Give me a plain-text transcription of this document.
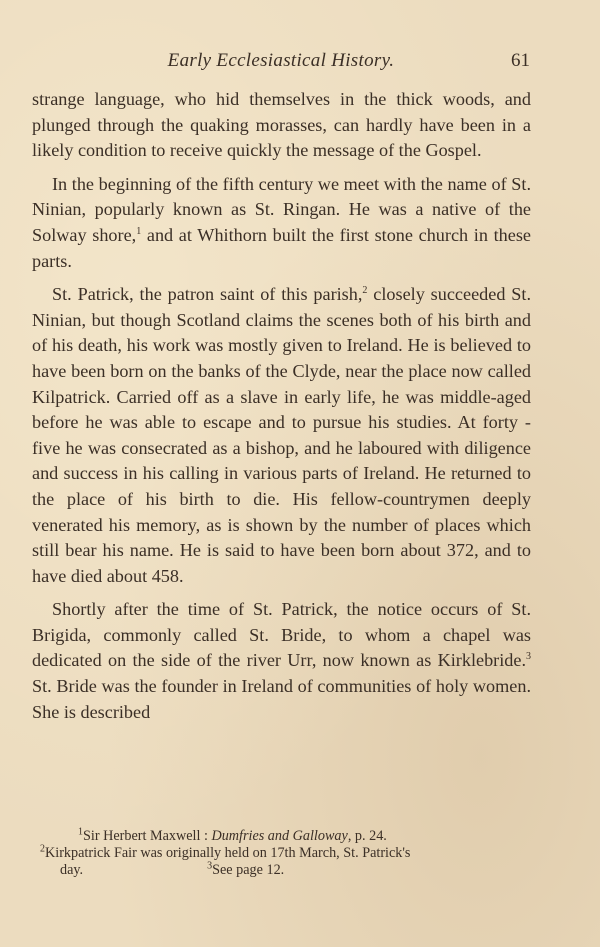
Early Ecclesiastical History.	61

strange language, who hid themselves in the thick woods, and plunged through the quaking morasses, can hardly have been in a likely condition to receive quickly the message of the Gospel.

In the beginning of the fifth century we meet with the name of St. Ninian, popularly known as St. Ringan. He was a native of the Solway shore,$^1$ and at Whithorn built the first stone church in these parts.

St. Patrick, the patron saint of this parish,$^2$ closely succeeded St. Ninian, but though Scotland claims the scenes both of his birth and of his death, his work was mostly given to Ireland. He is believed to have been born on the banks of the Clyde, near the place now called Kilpatrick. Carried off as a slave in early life, he was middle-aged before he was able to escape and to pursue his studies. At forty - five he was consecrated as a bishop, and he laboured with diligence and success in his calling in various parts of Ireland. He returned to the place of his birth to die. His fellow-countrymen deeply venerated his memory, as is shown by the number of places which still bear his name. He is said to have been born about 372, and to have died about 458.

Shortly after the time of St. Patrick, the notice occurs of St. Brigida, commonly called St. Bride, to whom a chapel was dedicated on the side of the river Urr, now known as Kirklebride.$^3$ St. Bride was the founder in Ireland of communities of holy women. She is described

$^1$Sir Herbert Maxwell : Dumfries and Galloway, p. 24.

$^2$Kirkpatrick Fair was originally held on 17th March, St. Patrick's

day.	$^3$See page 12.
